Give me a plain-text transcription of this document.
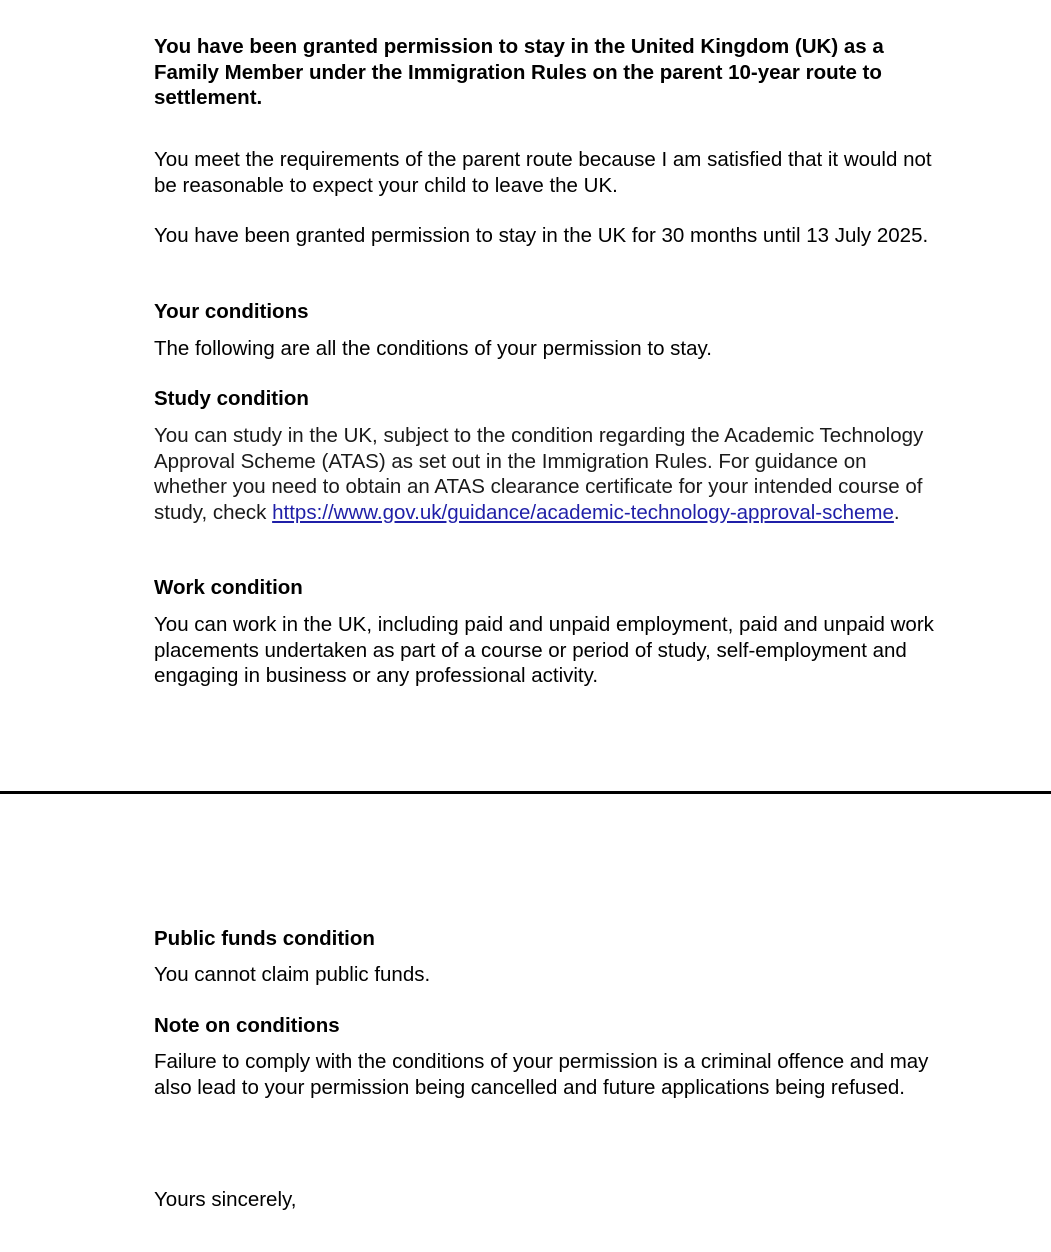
You have been granted permission to stay in the United Kingdom (UK) as a Family Member under the Immigration Rules on the parent 10-year route to settlement.

You meet the requirements of the parent route because I am satisfied that it would not be reasonable to expect your child to leave the UK.

You have been granted permission to stay in the UK for 30 months until 13 July 2025.

Your conditions

The following are all the conditions of your permission to stay.

Study condition

You can study in the UK, subject to the condition regarding the Academic Technology Approval Scheme (ATAS) as set out in the Immigration Rules. For guidance on whether you need to obtain an ATAS clearance certificate for your intended course of study, check https://www.gov.uk/guidance/academic-technology-approval-scheme.

Work condition

You can work in the UK, including paid and unpaid employment, paid and unpaid work placements undertaken as part of a course or period of study, self-employment and engaging in business or any professional activity.

Public funds condition

You cannot claim public funds.

Note on conditions

Failure to comply with the conditions of your permission is a criminal offence and may also lead to your permission being cancelled and future applications being refused.

Yours sincerely,
